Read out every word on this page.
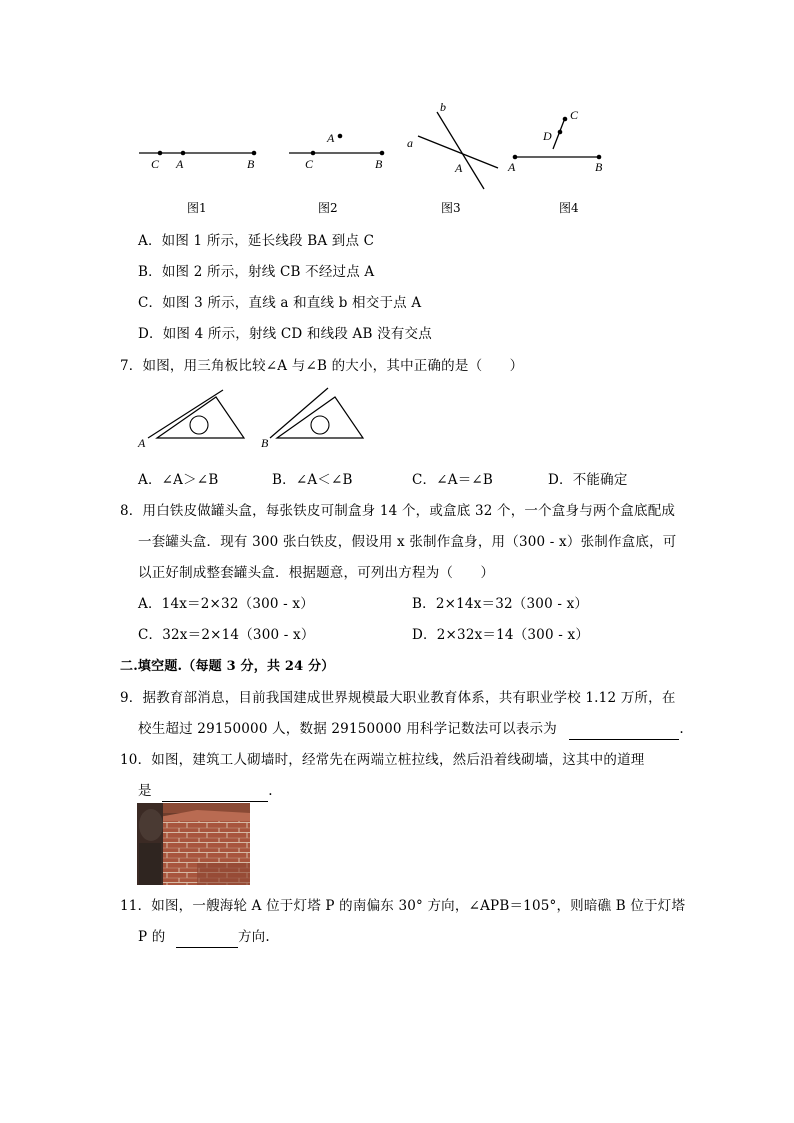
C A	B
A
C	B
b
a
A
C
D
A	B
图1	图2	图3	图4
A．如图 1 所示，延长线段 BA 到点 C
B．如图 2 所示，射线 CB 不经过点 A
C．如图 3 所示，直线 a 和直线 b 相交于点 A
D．如图 4 所示，射线 CD 和线段 AB 没有交点
7．如图，用三角板比较∠A 与∠B 的大小，其中正确的是（　　）
A	B
A．∠A＞∠B	B．∠A＜∠B	C．∠A＝∠B	D．不能确定
8．用白铁皮做罐头盒，每张铁皮可制盒身 14 个，或盒底 32 个，一个盒身与两个盒底配成
一套罐头盒．现有 300 张白铁皮，假设用 x 张制作盒身，用（300 - x）张制作盒底，可
以正好制成整套罐头盒．根据题意，可列出方程为（　　）
A．14x＝2×32（300 - x）	B．2×14x＝32（300 - x）
C．32x＝2×14（300 - x）	D．2×32x＝14（300 - x）
二.填空题.（每题 3 分，共 24 分）
9．据教育部消息，目前我国建成世界规模最大职业教育体系，共有职业学校 1.12 万所，在
校生超过 29150000 人，数据 29150000 用科学记数法可以表示为	.
10．如图，建筑工人砌墙时，经常先在两端立桩拉线，然后沿着线砌墙，这其中的道理
是	.
11．如图，一艘海轮 A 位于灯塔 P 的南偏东 30° 方向，∠APB＝105°，则暗礁 B 位于灯塔
P 的	方向.
